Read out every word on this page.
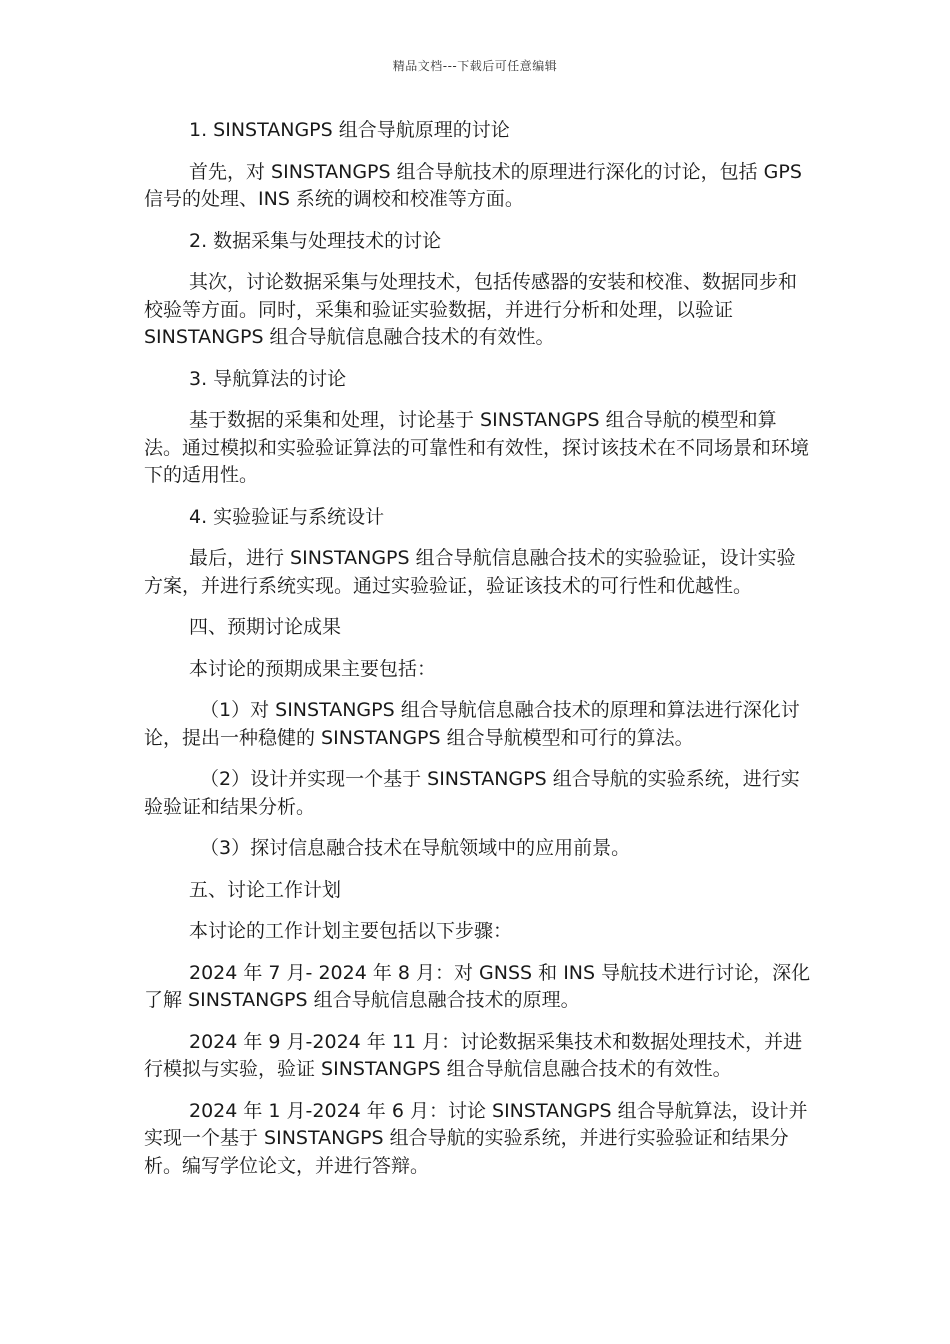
精品文档---下载后可任意编辑

1. SINSTANGPS 组合导航原理的讨论

首先，对 SINSTANGPS 组合导航技术的原理进行深化的讨论，包括 GPS 信号的处理、INS 系统的调校和校准等方面。

2. 数据采集与处理技术的讨论

其次，讨论数据采集与处理技术，包括传感器的安装和校准、数据同步和校验等方面。同时，采集和验证实验数据，并进行分析和处理，以验证 SINSTANGPS 组合导航信息融合技术的有效性。

3. 导航算法的讨论

基于数据的采集和处理，讨论基于 SINSTANGPS 组合导航的模型和算法。通过模拟和实验验证算法的可靠性和有效性，探讨该技术在不同场景和环境下的适用性。

4. 实验验证与系统设计

最后，进行 SINSTANGPS 组合导航信息融合技术的实验验证，设计实验方案，并进行系统实现。通过实验验证，验证该技术的可行性和优越性。

四、预期讨论成果

本讨论的预期成果主要包括：

（1）对 SINSTANGPS 组合导航信息融合技术的原理和算法进行深化讨论，提出一种稳健的 SINSTANGPS 组合导航模型和可行的算法。

（2）设计并实现一个基于 SINSTANGPS 组合导航的实验系统，进行实验验证和结果分析。

（3）探讨信息融合技术在导航领域中的应用前景。

五、讨论工作计划

本讨论的工作计划主要包括以下步骤：

2024 年 7 月- 2024 年 8 月：对 GNSS 和 INS 导航技术进行讨论，深化了解 SINSTANGPS 组合导航信息融合技术的原理。

2024 年 9 月-2024 年 11 月：讨论数据采集技术和数据处理技术，并进行模拟与实验，验证 SINSTANGPS 组合导航信息融合技术的有效性。

2024 年 1 月-2024 年 6 月：讨论 SINSTANGPS 组合导航算法，设计并实现一个基于 SINSTANGPS 组合导航的实验系统，并进行实验验证和结果分析。编写学位论文，并进行答辩。
